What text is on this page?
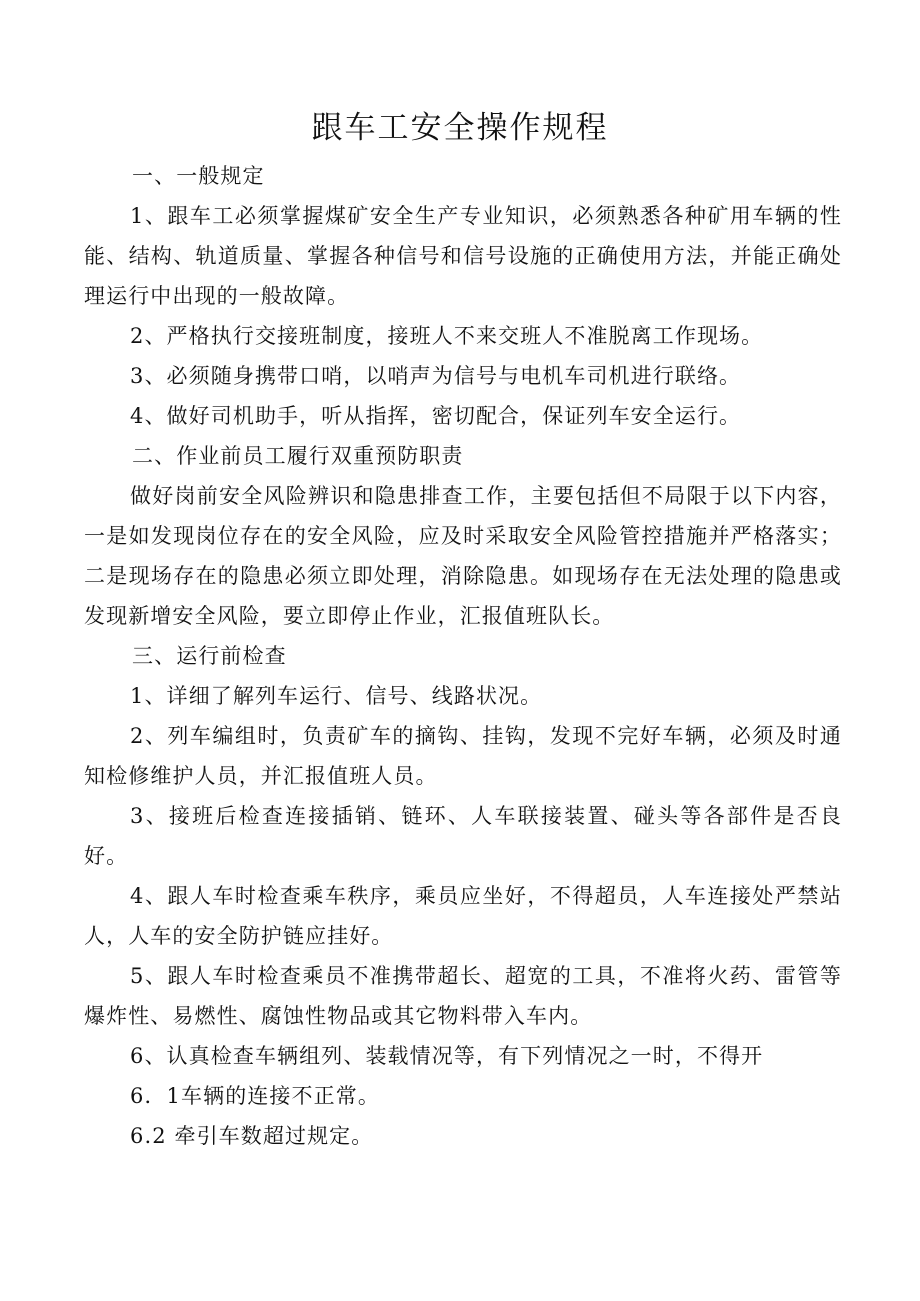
跟车工安全操作规程

一、一般规定

1、跟车工必须掌握煤矿安全生产专业知识，必须熟悉各种矿用车辆的性能、结构、轨道质量、掌握各种信号和信号设施的正确使用方法，并能正确处理运行中出现的一般故障。

2、严格执行交接班制度，接班人不来交班人不准脱离工作现场。

3、必须随身携带口哨，以哨声为信号与电机车司机进行联络。

4、做好司机助手，听从指挥，密切配合，保证列车安全运行。

二、作业前员工履行双重预防职责

做好岗前安全风险辨识和隐患排查工作，主要包括但不局限于以下内容，一是如发现岗位存在的安全风险，应及时采取安全风险管控措施并严格落实；二是现场存在的隐患必须立即处理，消除隐患。如现场存在无法处理的隐患或发现新增安全风险，要立即停止作业，汇报值班队长。

三、运行前检查

1、详细了解列车运行、信号、线路状况。

2、列车编组时，负责矿车的摘钩、挂钩，发现不完好车辆，必须及时通知检修维护人员，并汇报值班人员。

3、接班后检查连接插销、链环、人车联接装置、碰头等各部件是否良好。

4、跟人车时检查乘车秩序，乘员应坐好，不得超员，人车连接处严禁站人，人车的安全防护链应挂好。

5、跟人车时检查乘员不准携带超长、超宽的工具，不准将火药、雷管等爆炸性、易燃性、腐蚀性物品或其它物料带入车内。

6、认真检查车辆组列、装载情况等，有下列情况之一时，不得开

6．1车辆的连接不正常。

6.2 牵引车数超过规定。
